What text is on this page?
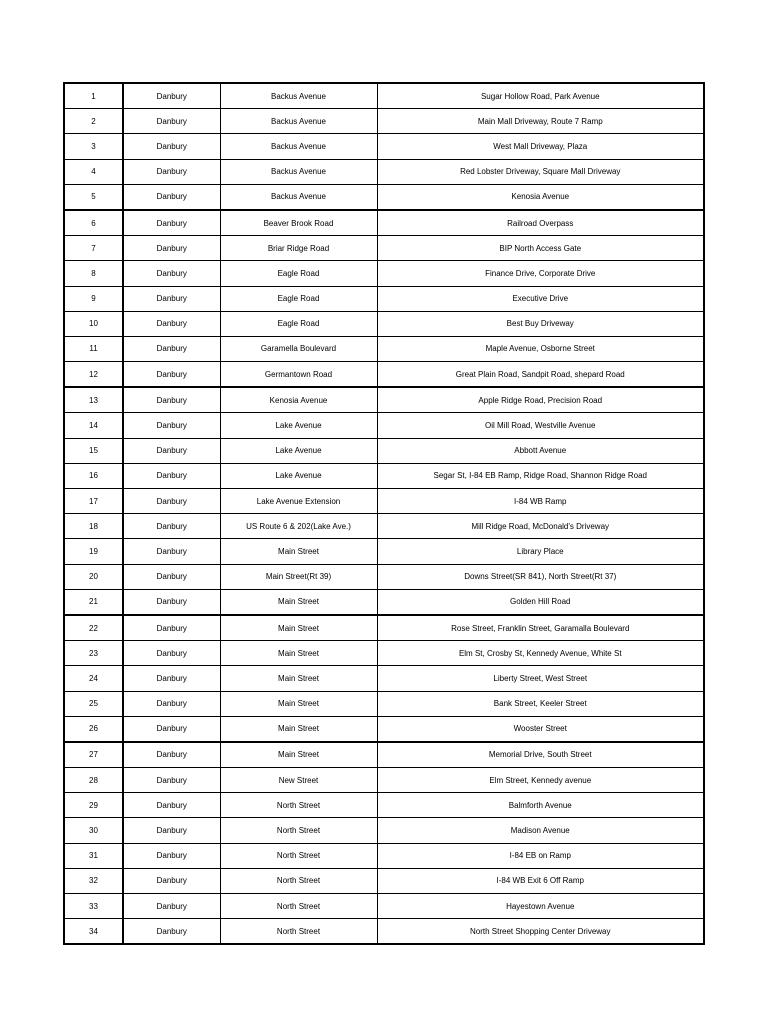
1	Danbury	Backus Avenue	Sugar Hollow Road, Park Avenue
2	Danbury	Backus Avenue	Main Mall Driveway, Route 7 Ramp
3	Danbury	Backus Avenue	West Mall Driveway, Plaza
4	Danbury	Backus Avenue	Red Lobster Driveway, Square Mall Driveway
5	Danbury	Backus Avenue	Kenosia Avenue
6	Danbury	Beaver Brook Road	Railroad Overpass
7	Danbury	Briar Ridge Road	BIP North Access Gate
8	Danbury	Eagle Road	Finance Drive, Corporate Drive
9	Danbury	Eagle Road	Executive Drive
10	Danbury	Eagle Road	Best Buy Driveway
11	Danbury	Garamella Boulevard	Maple Avenue, Osborne Street
12	Danbury	Germantown Road	Great Plain Road, Sandpit Road, shepard Road
13	Danbury	Kenosia Avenue	Apple Ridge Road, Precision Road
14	Danbury	Lake Avenue	Oil Mill Road, Westville Avenue
15	Danbury	Lake Avenue	Abbott Avenue
16	Danbury	Lake Avenue	Segar St, I-84 EB Ramp, Ridge Road, Shannon Ridge Road
17	Danbury	Lake Avenue Extension	I-84 WB Ramp
18	Danbury	US Route 6 & 202(Lake Ave.)	Mill Ridge Road, McDonald's Driveway
19	Danbury	Main Street	Library Place
20	Danbury	Main Street(Rt 39)	Downs Street(SR 841), North Street(Rt 37)
21	Danbury	Main Street	Golden Hill Road
22	Danbury	Main Street	Rose Street, Franklin Street, Garamalla Boulevard
23	Danbury	Main Street	Elm St, Crosby St, Kennedy Avenue, White St
24	Danbury	Main Street	Liberty Street, West Street
25	Danbury	Main Street	Bank Street, Keeler Street
26	Danbury	Main Street	Wooster Street
27	Danbury	Main Street	Memorial Drive, South Street
28	Danbury	New Street	Elm Street, Kennedy avenue
29	Danbury	North Street	Balmforth Avenue
30	Danbury	North Street	Madison Avenue
31	Danbury	North Street	I-84 EB on Ramp
32	Danbury	North Street	I-84 WB Exit 6 Off Ramp
33	Danbury	North Street	Hayestown Avenue
34	Danbury	North Street	North Street Shopping Center Driveway
